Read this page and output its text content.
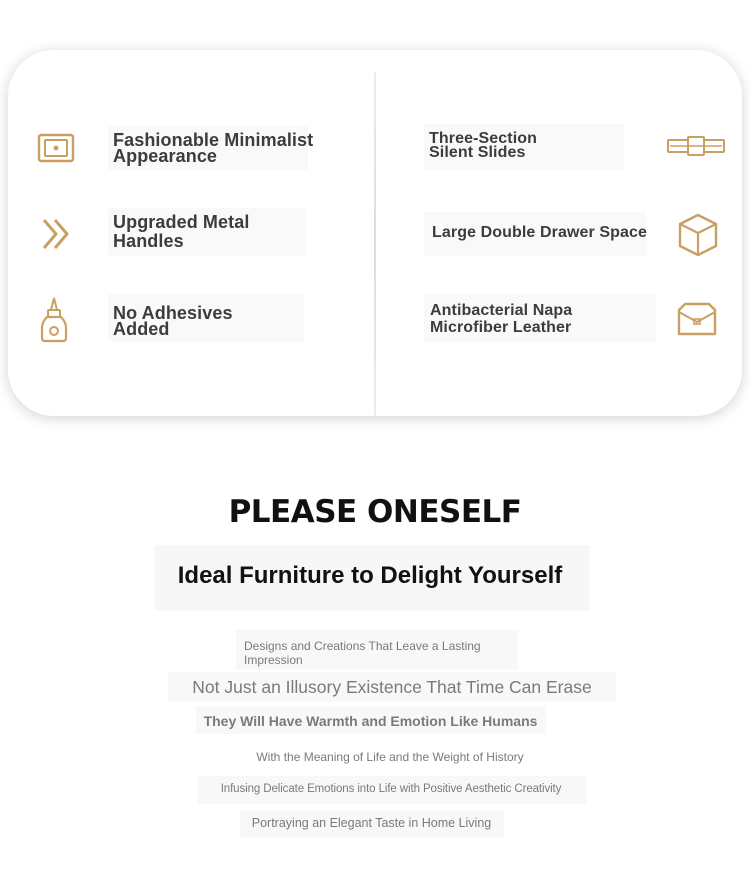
Fashionable Minimalist Appearance
Upgraded Metal Handles
No Adhesives Added
Three-Section Silent Slides
Large Double Drawer Space
Antibacterial Napa Microfiber Leather
PLEASE ONESELF
Ideal Furniture to Delight Yourself
Designs and Creations That Leave a Lasting Impression
Not Just an Illusory Existence That Time Can Erase
They Will Have Warmth and Emotion Like Humans
With the Meaning of Life and the Weight of History
Infusing Delicate Emotions into Life with Positive Aesthetic Creativity
Portraying an Elegant Taste in Home Living
